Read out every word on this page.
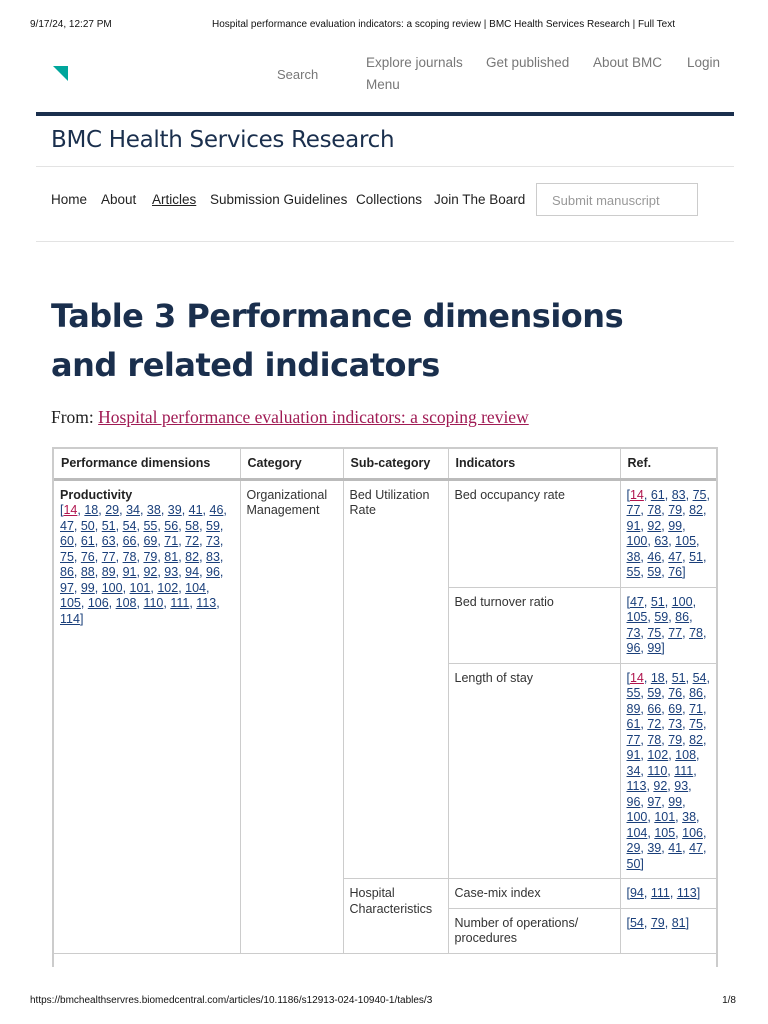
9/17/24, 12:27 PM	Hospital performance evaluation indicators: a scoping review | BMC Health Services Research | Full Text
Search
Explore journals Get published About BMC Login
Menu
BMC Health Services Research
Home About Articles Submission Guidelines Collections Join The Board	Submit manuscript
Table 3 Performance dimensions and related indicators
From: Hospital performance evaluation indicators: a scoping review
Performance dimensions	Category	Sub-category	Indicators	Ref.

Productivity
[14, 18, 29, 34, 38, 39, 41, 46, 47, 50, 51, 54, 55, 56, 58, 59, 60, 61, 63, 66, 69, 71, 72, 73, 75, 76, 77, 78, 79, 81, 82, 83, 86, 88, 89, 91, 92, 93, 94, 96, 97, 99, 100, 101, 102, 104, 105, 106, 108, 110, 111, 113, 114]	Organizational Management	Bed Utilization Rate	Bed occupancy rate	[14, 61, 83, 75, 77, 78, 79, 82, 91, 92, 99, 100, 63, 105, 38, 46, 47, 51, 55, 59, 76]

			Bed turnover ratio	[47, 51, 100, 105, 59, 86, 73, 75, 77, 78, 96, 99]

			Length of stay	[14, 18, 51, 54, 55, 59, 76, 86, 89, 66, 69, 71, 61, 72, 73, 75, 77, 78, 79, 82, 91, 102, 108, 34, 110, 111, 113, 92, 93, 96, 97, 99, 100, 101, 38, 104, 105, 106, 29, 39, 41, 47, 50]

		Hospital Characteristics	Case-mix index	[94, 111, 113]

			Number of operations/ procedures	[54, 79, 81]
https://bmchealthservres.biomedcentral.com/articles/10.1186/s12913-024-10940-1/tables/3	1/8
